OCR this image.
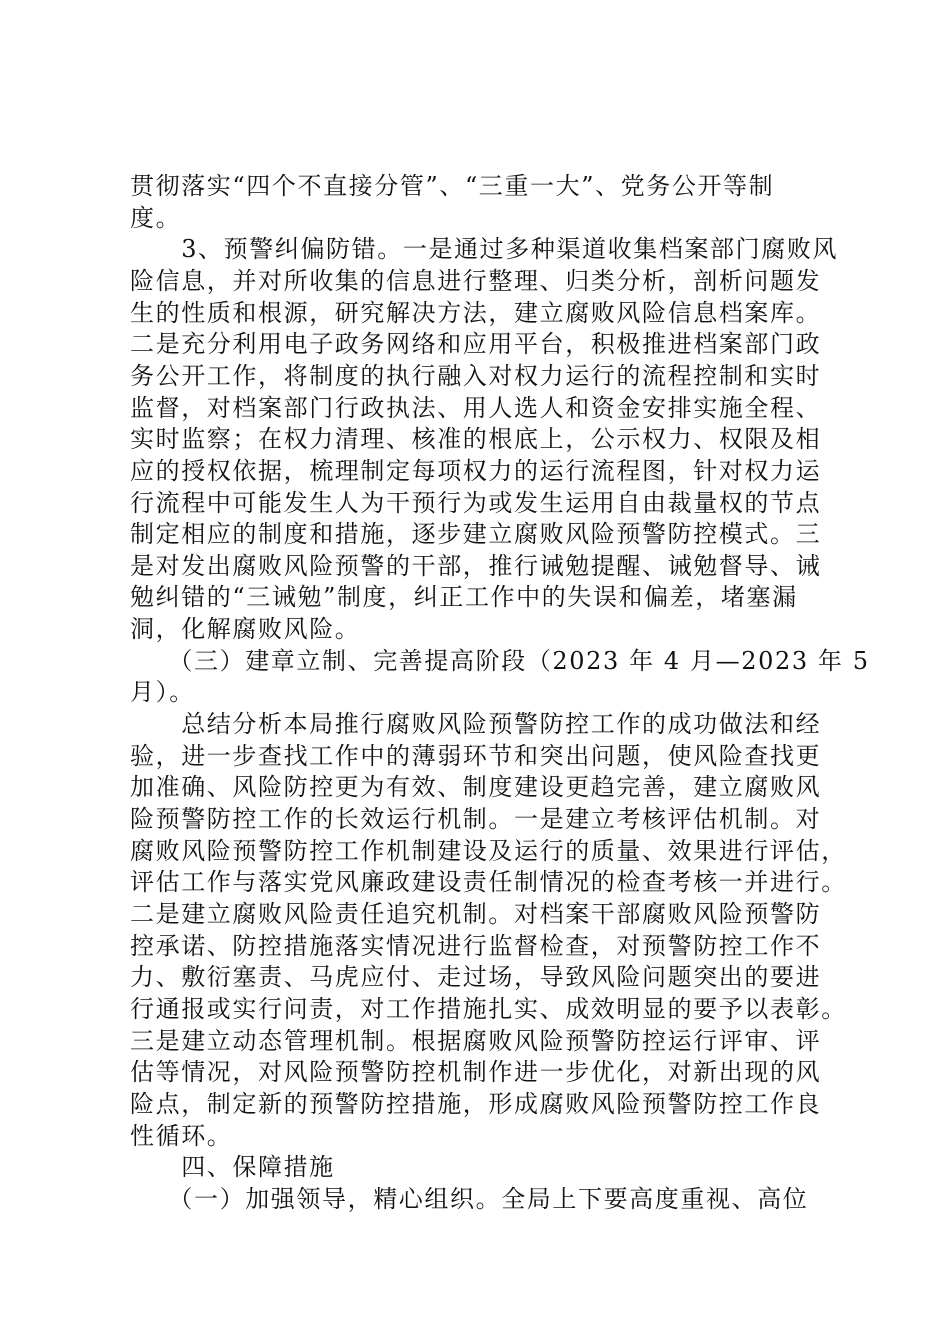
贯彻落实“四个不直接分管”、“三重一大”、党务公开等制
度。
3、预警纠偏防错。一是通过多种渠道收集档案部门腐败风
险信息，并对所收集的信息进行整理、归类分析，剖析问题发
生的性质和根源，研究解决方法，建立腐败风险信息档案库。
二是充分利用电子政务网络和应用平台，积极推进档案部门政
务公开工作，将制度的执行融入对权力运行的流程控制和实时
监督，对档案部门行政执法、用人选人和资金安排实施全程、
实时监察；在权力清理、核准的根底上，公示权力、权限及相
应的授权依据，梳理制定每项权力的运行流程图，针对权力运
行流程中可能发生人为干预行为或发生运用自由裁量权的节点
制定相应的制度和措施，逐步建立腐败风险预警防控模式。三
是对发出腐败风险预警的干部，推行诫勉提醒、诫勉督导、诫
勉纠错的“三诫勉”制度，纠正工作中的失误和偏差，堵塞漏
洞，化解腐败风险。
（三）建章立制、完善提高阶段（2023 年 4 月—2023 年 5
月）。
总结分析本局推行腐败风险预警防控工作的成功做法和经
验，进一步查找工作中的薄弱环节和突出问题，使风险查找更
加准确、风险防控更为有效、制度建设更趋完善，建立腐败风
险预警防控工作的长效运行机制。一是建立考核评估机制。对
腐败风险预警防控工作机制建设及运行的质量、效果进行评估，
评估工作与落实党风廉政建设责任制情况的检查考核一并进行。
二是建立腐败风险责任追究机制。对档案干部腐败风险预警防
控承诺、防控措施落实情况进行监督检查，对预警防控工作不
力、敷衍塞责、马虎应付、走过场，导致风险问题突出的要进
行通报或实行问责，对工作措施扎实、成效明显的要予以表彰。
三是建立动态管理机制。根据腐败风险预警防控运行评审、评
估等情况，对风险预警防控机制作进一步优化，对新出现的风
险点，制定新的预警防控措施，形成腐败风险预警防控工作良
性循环。
四、保障措施
（一）加强领导，精心组织。全局上下要高度重视、高位
